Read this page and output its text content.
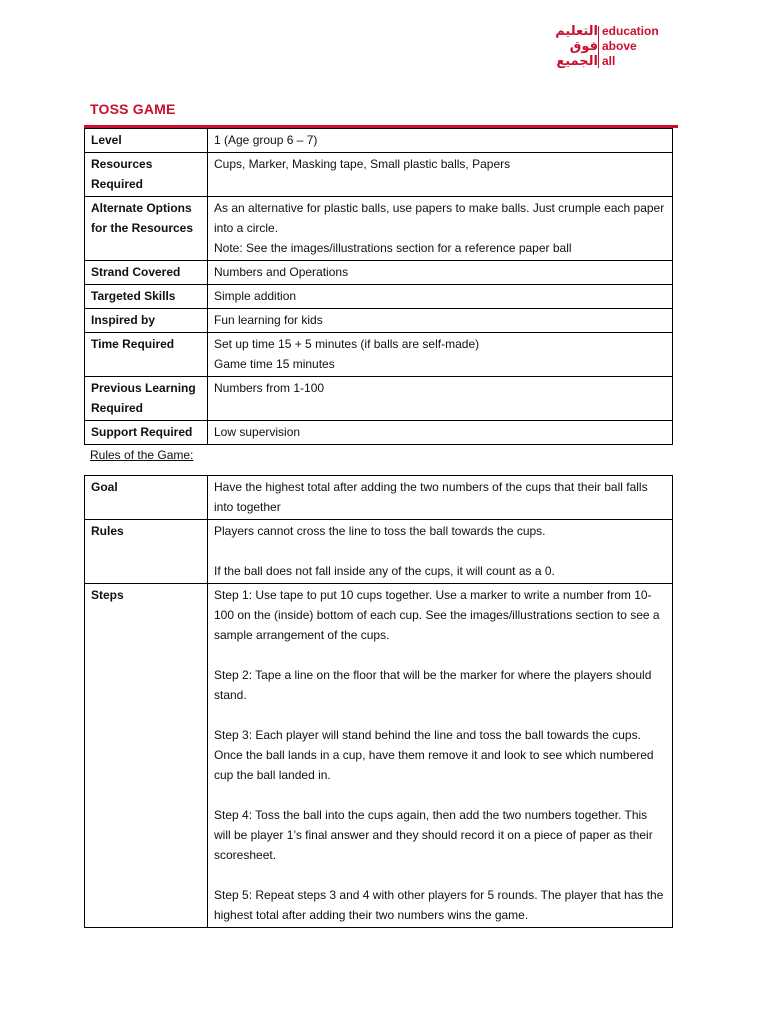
التعليم
فوق
الجميع
education
above
all
TOSS GAME
Level	1 (Age group 6 – 7)

Resources Required	Cups, Marker, Masking tape, Small plastic balls, Papers

Alternate Options for the Resources	As an alternative for plastic balls, use papers to make balls. Just crumple each paper into a circle.
Note: See the images/illustrations section for a reference paper ball

Strand Covered	Numbers and Operations

Targeted Skills	Simple addition

Inspired by	Fun learning for kids

Time Required	Set up time 15 + 5 minutes (if balls are self-made)
Game time 15 minutes

Previous Learning Required	Numbers from 1-100

Support Required	Low supervision
Rules of the Game:
Goal	Have the highest total after adding the two numbers of the cups that their ball falls into together
Rules	Players cannot cross the line to toss the ball towards the cups.
If the ball does not fall inside any of the cups, it will count as a 0.

Steps	Step 1: Use tape to put 10 cups together. Use a marker to write a number from 10-100 on the (inside) bottom of each cup. See the images/illustrations section to see a sample arrangement of the cups.
Step 2: Tape a line on the floor that will be the marker for where the players should stand.
Step 3: Each player will stand behind the line and toss the ball towards the cups. Once the ball lands in a cup, have them remove it and look to see which numbered cup the ball landed in.
Step 4: Toss the ball into the cups again, then add the two numbers together. This will be player 1’s final answer and they should record it on a piece of paper as their scoresheet.
Step 5: Repeat steps 3 and 4 with other players for 5 rounds. The player that has the highest total after adding their two numbers wins the game.
